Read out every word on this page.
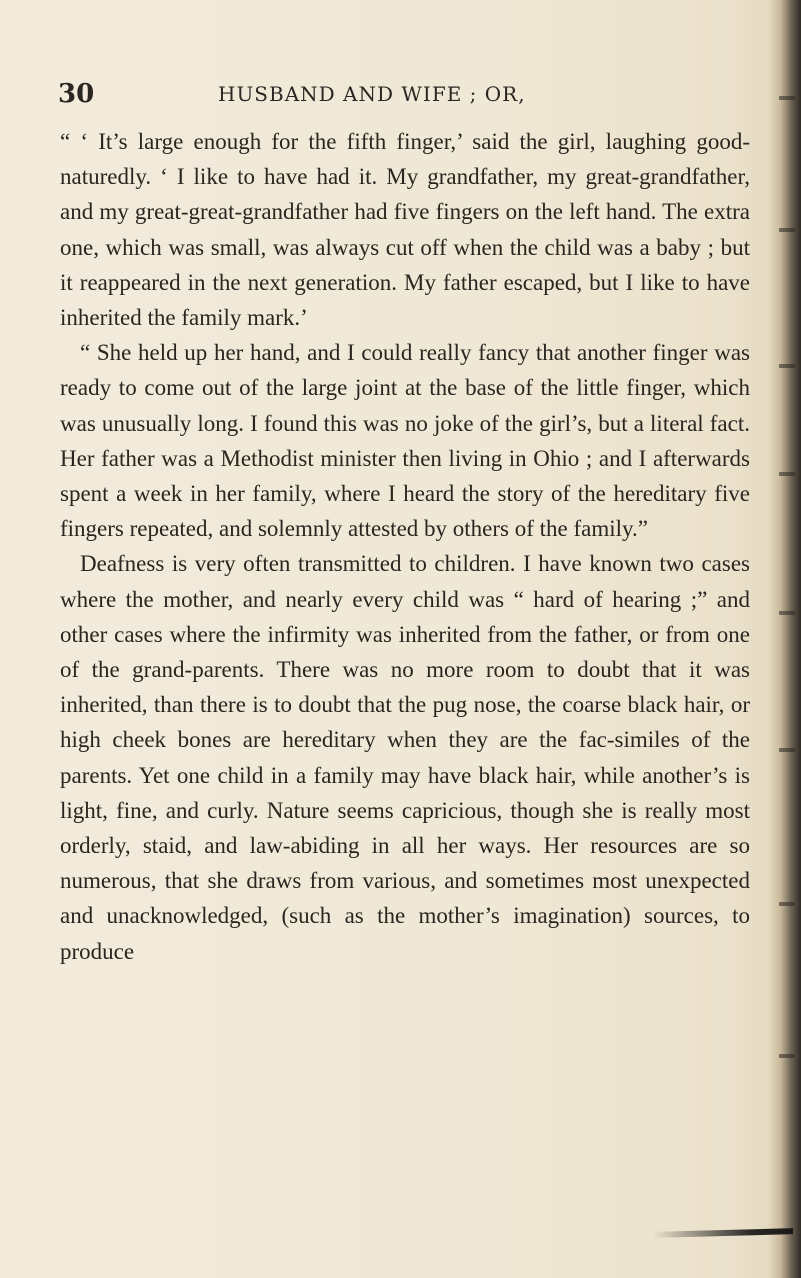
30	HUSBAND AND WIFE ; OR,

“ ‘ It’s large enough for the fifth finger,’ said the girl, laughing good-naturedly. ‘ I like to have had it. My grandfather, my great-grandfather, and my great-great-grandfather had five fingers on the left hand. The extra one, which was small, was always cut off when the child was a baby ; but it reappeared in the next generation. My father escaped, but I like to have inherited the family mark.’

“ She held up her hand, and I could really fancy that another finger was ready to come out of the large joint at the base of the little finger, which was unusually long. I found this was no joke of the girl’s, but a literal fact. Her father was a Methodist minister then living in Ohio ; and I afterwards spent a week in her family, where I heard the story of the hereditary five fingers repeated, and solemnly attested by others of the family.”

Deafness is very often transmitted to children. I have known two cases where the mother, and nearly every child was “ hard of hearing ;” and other cases where the infirmity was inherited from the father, or from one of the grand-parents. There was no more room to doubt that it was inherited, than there is to doubt that the pug nose, the coarse black hair, or high cheek bones are hereditary when they are the fac-similes of the parents. Yet one child in a family may have black hair, while another’s is light, fine, and curly. Nature seems capricious, though she is really most orderly, staid, and law-abiding in all her ways. Her resources are so numerous, that she draws from various, and sometimes most unexpected and unacknowledged, (such as the mother’s imagination) sources, to produce
